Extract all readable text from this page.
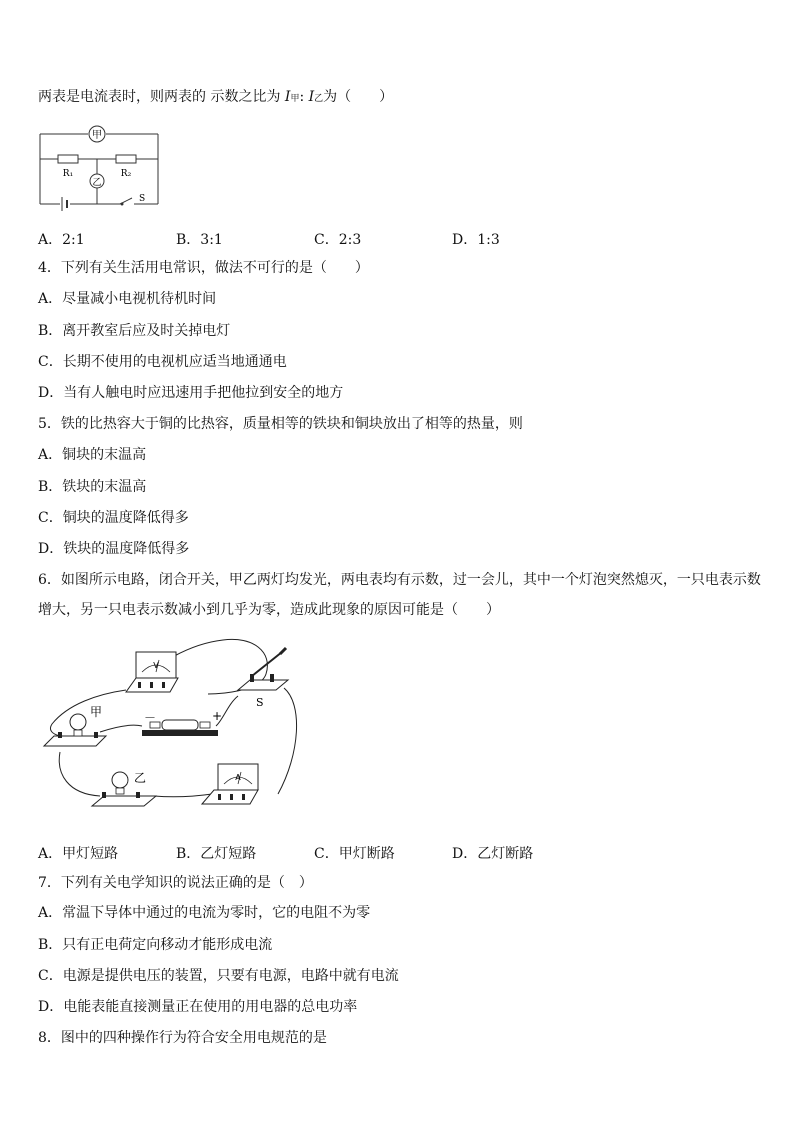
两表是电流表时，则两表的 示数之比为 I甲: I乙为（　　）
甲
乙
R₁	R₂
S
A．2:1	B．3:1	C．2:3	D．1:3
4．下列有关生活用电常识，做法不可行的是（　　）
A．尽量减小电视机待机时间
B．离开教室后应及时关掉电灯
C．长期不使用的电视机应适当地通通电
D．当有人触电时应迅速用手把他拉到安全的地方
5．铁的比热容大于铜的比热容，质量相等的铁块和铜块放出了相等的热量，则
A．铜块的末温高
B．铁块的末温高
C．铜块的温度降低得多
D．铁块的温度降低得多
6．如图所示电路，闭合开关，甲乙两灯均发光，两电表均有示数，过一会儿，其中一个灯泡突然熄灭，一只电表示数
增大，另一只电表示数减小到几乎为零，造成此现象的原因可能是（　　）
V
S
－	+
甲
乙	A
A．甲灯短路	B．乙灯短路	C．甲灯断路	D．乙灯断路
7．下列有关电学知识的说法正确的是（　）
A．常温下导体中通过的电流为零时，它的电阻不为零
B．只有正电荷定向移动才能形成电流
C．电源是提供电压的装置，只要有电源，电路中就有电流
D．电能表能直接测量正在使用的用电器的总电功率
8．图中的四种操作行为符合安全用电规范的是
